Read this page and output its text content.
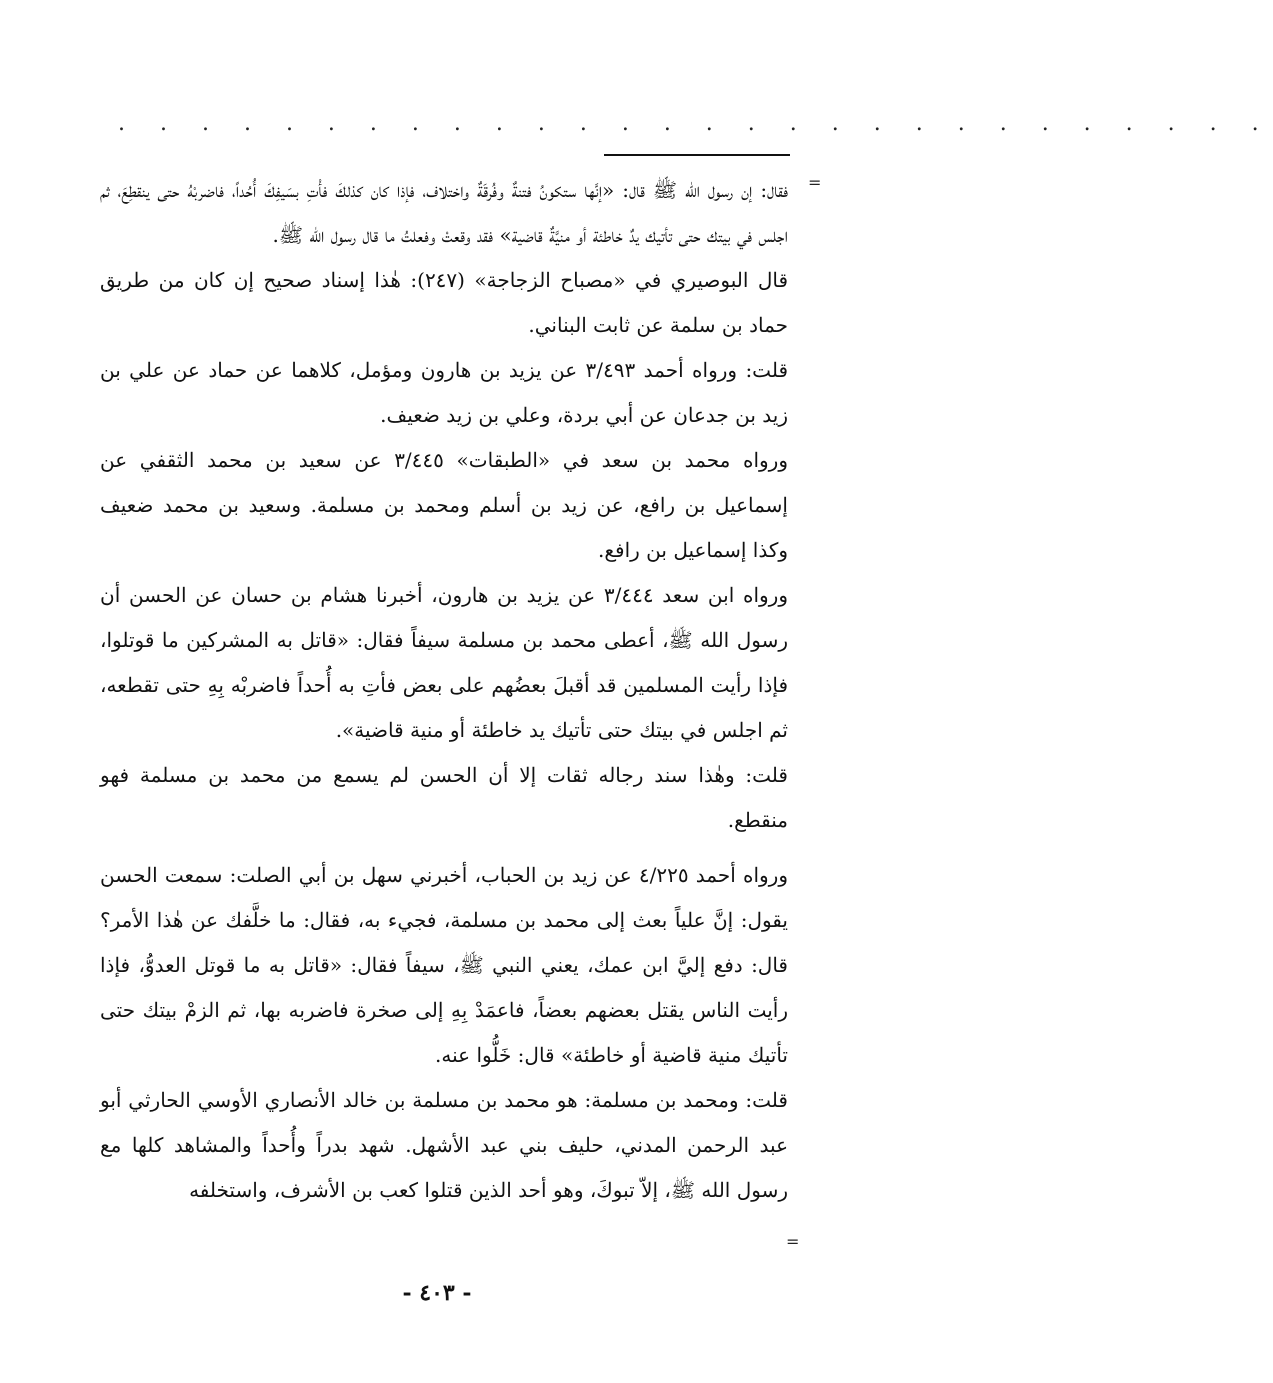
. . . . . . . . . . . . . . . . . . . . . . . . . . . .
=

فقال: إن رسول الله ﷺ قال: «إنَّها ستكونُ فتنةٌ وفُرقَةٌ واختلاف، فإذا كان كذلكَ فأْتِ بسَيفِكَ أُحُداً، فاضربْهُ حتى ينقطِعَ، ثم اجلس في بيتك حتى تأتيك يدٌ خاطئة أو منيَّةٌ قاضية» فقد وقعتْ وفعلتُ ما قال رسول الله ﷺ.

قال البوصيري في «مصباح الزجاجة» (٢٤٧): هٰذا إسناد صحيح إن كان من طريق حماد بن سلمة عن ثابت البناني.

قلت: ورواه أحمد ٣/٤٩٣ عن يزيد بن هارون ومؤمل، كلاهما عن حماد عن علي بن زيد بن جدعان عن أبي بردة، وعلي بن زيد ضعيف.

ورواه محمد بن سعد في «الطبقات» ٣/٤٤٥ عن سعيد بن محمد الثقفي عن إسماعيل بن رافع، عن زيد بن أسلم ومحمد بن مسلمة. وسعيد بن محمد ضعيف وكذا إسماعيل بن رافع.

ورواه ابن سعد ٣/٤٤٤ عن يزيد بن هارون، أخبرنا هشام بن حسان عن الحسن أن رسول الله ﷺ، أعطى محمد بن مسلمة سيفاً فقال: «قاتل به المشركين ما قوتلوا، فإذا رأيت المسلمين قد أقبلَ بعضُهم على بعض فأتِ به أُحداً فاضربْه بِهِ حتى تقطعه، ثم اجلس في بيتك حتى تأتيك يد خاطئة أو منية قاضية».

قلت: وهٰذا سند رجاله ثقات إلا أن الحسن لم يسمع من محمد بن مسلمة فهو منقطع.

ورواه أحمد ٤/٢٢٥ عن زيد بن الحباب، أخبرني سهل بن أبي الصلت: سمعت الحسن يقول: إنَّ علياً بعث إلى محمد بن مسلمة، فجيء به، فقال: ما خلَّفك عن هٰذا الأمر؟ قال: دفع إليَّ ابن عمك، يعني النبي ﷺ، سيفاً فقال: «قاتل به ما قوتل العدوُّ، فإذا رأيت الناس يقتل بعضهم بعضاً، فاعمَدْ بِهِ إلى صخرة فاضربه بها، ثم الزمْ بيتك حتى تأتيك منية قاضية أو خاطئة» قال: خَلُّوا عنه.

قلت: ومحمد بن مسلمة: هو محمد بن مسلمة بن خالد الأنصاري الأوسي الحارثي أبو عبد الرحمن المدني، حليف بني عبد الأشهل. شهد بدراً وأُحداً والمشاهد كلها مع رسول الله ﷺ، إلاّ تبوكَ، وهو أحد الذين قتلوا كعب بن الأشرف، واستخلفه

=
- ٤٠٣ -
